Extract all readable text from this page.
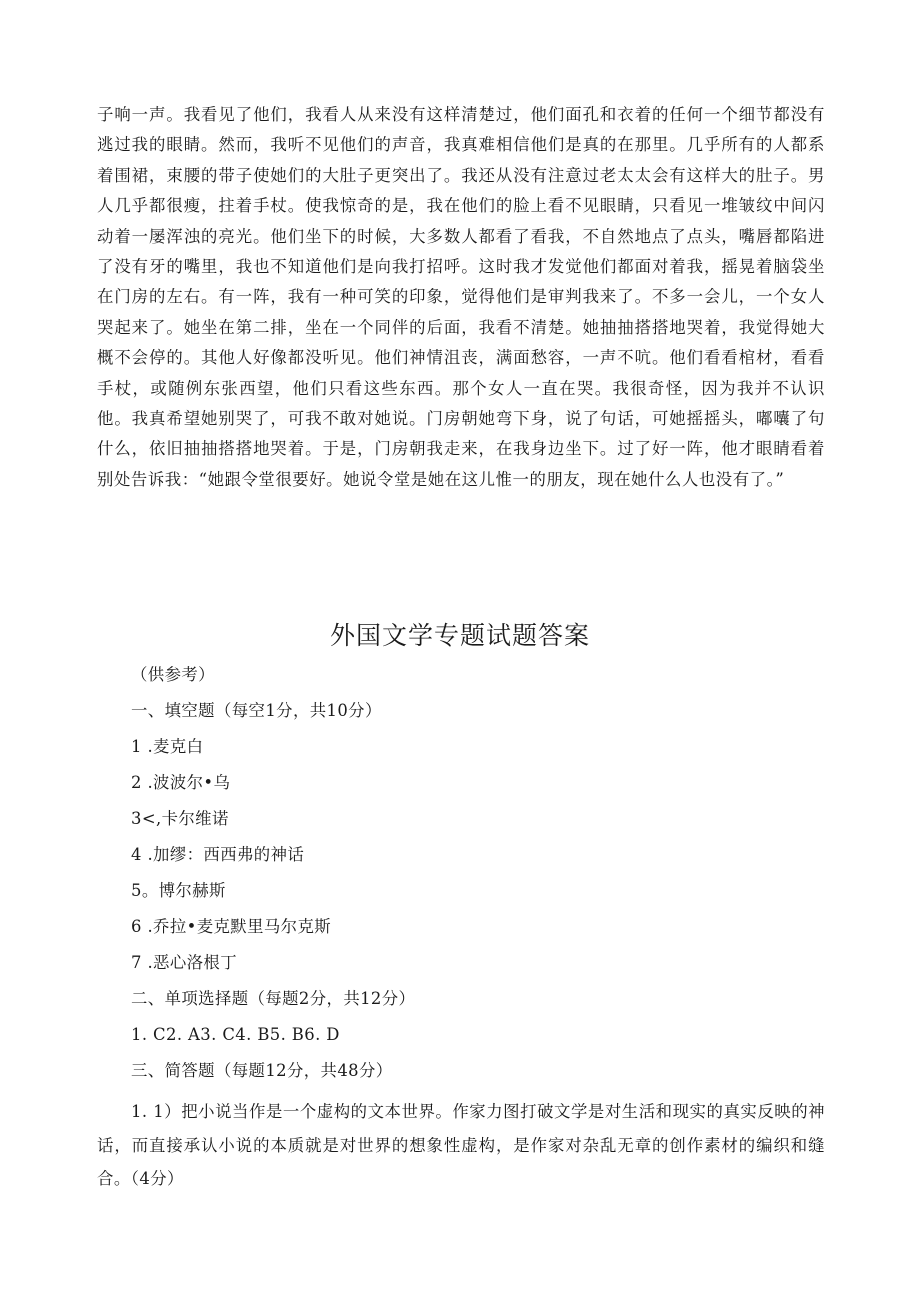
子响一声。我看见了他们，我看人从来没有这样清楚过，他们面孔和衣着的任何一个细节都没有逃过我的眼睛。然而，我听不见他们的声音，我真难相信他们是真的在那里。几乎所有的人都系着围裙，束腰的带子使她们的大肚子更突出了。我还从没有注意过老太太会有这样大的肚子。男人几乎都很瘦，拄着手杖。使我惊奇的是，我在他们的脸上看不见眼睛，只看见一堆皱纹中间闪动着一屡浑浊的亮光。他们坐下的时候，大多数人都看了看我，不自然地点了点头，嘴唇都陷进了没有牙的嘴里，我也不知道他们是向我打招呼。这时我才发觉他们都面对着我，摇晃着脑袋坐在门房的左右。有一阵，我有一种可笑的印象，觉得他们是审判我来了。不多一会儿，一个女人哭起来了。她坐在第二排，坐在一个同伴的后面，我看不清楚。她抽抽搭搭地哭着，我觉得她大概不会停的。其他人好像都没听见。他们神情沮丧，满面愁容，一声不吭。他们看看棺材，看看手杖，或随例东张西望，他们只看这些东西。那个女人一直在哭。我很奇怪，因为我并不认识他。我真希望她别哭了，可我不敢对她说。门房朝她弯下身，说了句话，可她摇摇头，嘟囔了句什么，依旧抽抽搭搭地哭着。于是，门房朝我走来，在我身边坐下。过了好一阵，他才眼睛看着别处告诉我：“她跟令堂很要好。她说令堂是她在这儿惟一的朋友，现在她什么人也没有了。”

外国文学专题试题答案
（供参考）
一、填空题（每空1分，共10分）
1 .麦克白
2 .波波尔•乌
3<,卡尔维诺
4 .加缪：西西弗的神话
5。博尔赫斯
6 .乔拉•麦克默里马尔克斯
7 .恶心洛根丁
二、单项选择题（每题2分，共12分）
1. C2. A3. C4. B5. B6. D
三、简答题（每题12分，共48分）

1. 1）把小说当作是一个虚构的文本世界。作家力图打破文学是对生活和现实的真实反映的神话，而直接承认小说的本质就是对世界的想象性虚构，是作家对杂乱无章的创作素材的编织和缝合。（4分）
